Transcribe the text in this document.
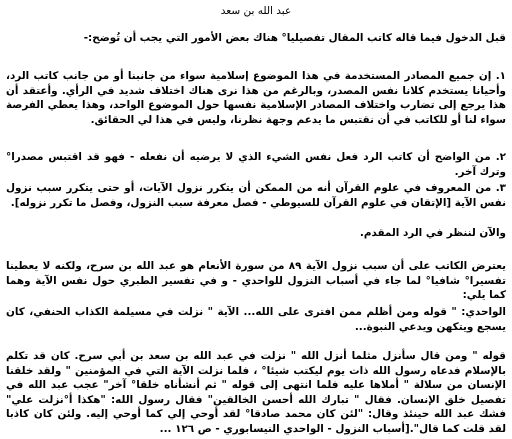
عبد الله بن سعد

قبل الدخول فيما قاله كاتب المقال تفصيليا° هناك بعض الأمور التي يجب أن تُوضح:-

١. إن جميع المصادر المستخدمة في هذا الموضوع إسلامية سواء من جانبنا أو من جانب كاتب الرد، وأحيانا يستخدم كلانا نفس المصدر، وبالرغم من هذا نرى هناك اختلاف شديد في الرأي. وأعتقد أن هذا يرجع إلى تضارب واختلاف المصادر الإسلامية نفسها حول الموضوع الواحد، وهذا يعطي الفرصة سواء لنا أو للكاتب في أن نقتبس ما يدعم وجهة نظرنا، وليس في هذا لي الحقائق.

٢. من الواضح أن كاتب الرد فعل نفس الشيء الذي لا يرضيه أن نفعله - فهو قد اقتبس مصدرا° وترك آخر.

٣. من المعروف في علوم القرآن أنه من الممكن أن يتكرر نزول الآيات، أو حتى يتكرر سبب نزول نفس الآية [الإتقان في علوم القرآن للسيوطي - فصل معرفة سبب النزول، وفصل ما تكرر نزوله].

والآن لننظر في الرد المقدم.

يعترض الكاتب على أن سبب نزول الآية ٨٩ من سورة الأنعام هو عبد الله بن سرح، ولكنه لا يعطينا تفسيرا° شافيا° لما جاء في أسباب النزول للواحدي - و في تفسير الطبري حول نفس الآية وهما كما يلي:

الواحدي: " قوله ومن أظلم ممن افترى على الله... الآية " نزلت في مسيلمة الكذاب الحنفي، كان يسجع ويتكهن ويدعي النبوة...

قوله " ومن قال سأنزل مثلما أنزل الله " نزلت في عبد الله بن سعد بن أبي سرح. كان قد تكلم بالإسلام فدعاه رسول الله ذات يوم ليكتب شيئا° ، فلما نزلت الآية التي في المؤمنين " ولقد خلقنا الإنسان من سلالة " أملاها عليه فلما انتهى إلى قوله " ثم أنشأناه خلقا° آخر" عجب عبد الله في تفصيل خلق الإنسان. فقال " تبارك الله أحسن الخالقين" فقال رسول الله: "هكذا أ°نزلت علي" فشك عبد الله حينئذ وقال: "لئن كان محمد صادقا° لقد أوحي إلي كما أوحي إليه. ولئن كان كاذبا لقد قلت كما قال".[أسباب النزول - الواحدي النيسابوري - ص ١٢٦ ...
